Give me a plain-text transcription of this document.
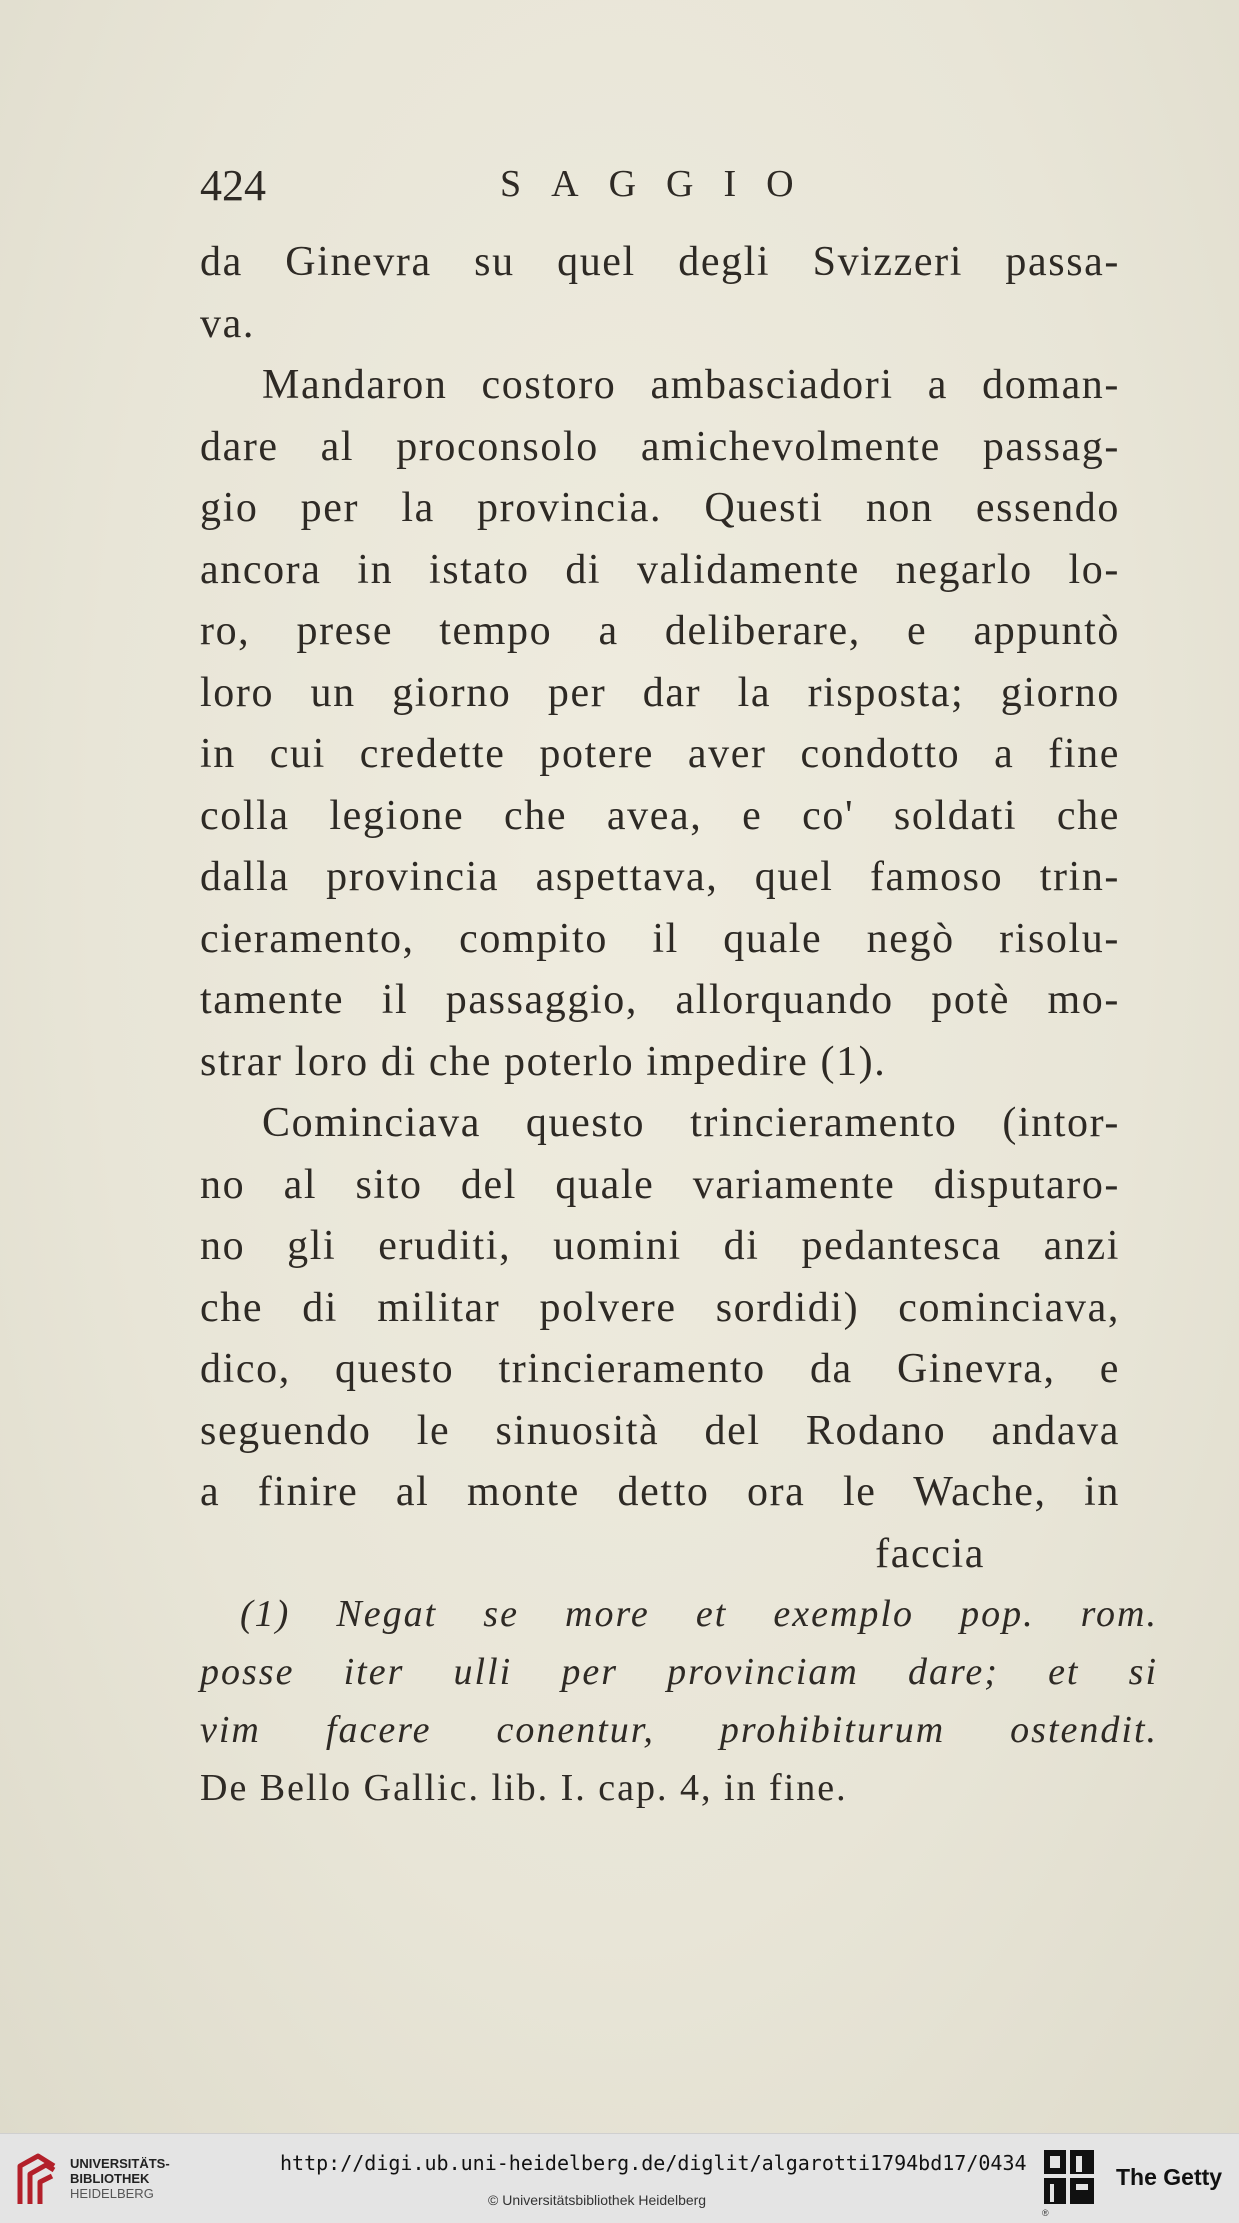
424	SAGGIO
da Ginevra su quel degli Svizzeri passa-
va.
Mandaron costoro ambasciadori a doman-
dare al proconsolo amichevolmente passag-
gio per la provincia. Questi non essendo
ancora in istato di validamente negarlo lo-
ro, prese tempo a deliberare, e appuntò
loro un giorno per dar la risposta; giorno
in cui credette potere aver condotto a fine
colla legione che avea, e co' soldati che
dalla provincia aspettava, quel famoso trin-
cieramento, compito il quale negò risolu-
tamente il passaggio, allorquando potè mo-
strar loro di che poterlo impedire (1).
Cominciava questo trincieramento (intor-
no al sito del quale variamente disputaro-
no gli eruditi, uomini di pedantesca anzi
che di militar polvere sordidi) cominciava,
dico, questo trincieramento da Ginevra, e
seguendo le sinuosità del Rodano andava
a finire al monte detto ora le Wache, in
faccia
(1) Negat se more et exemplo pop. rom.
posse iter ulli per provinciam dare; et si
vim facere conentur, prohibiturum ostendit.
De Bello Gallic. lib. I. cap. 4, in fine.
UNIVERSITÄTS-
BIBLIOTHEK
HEIDELBERG
http://digi.ub.uni-heidelberg.de/diglit/algarotti1794bd17/0434
© Universitätsbibliothek Heidelberg
®
The Getty
